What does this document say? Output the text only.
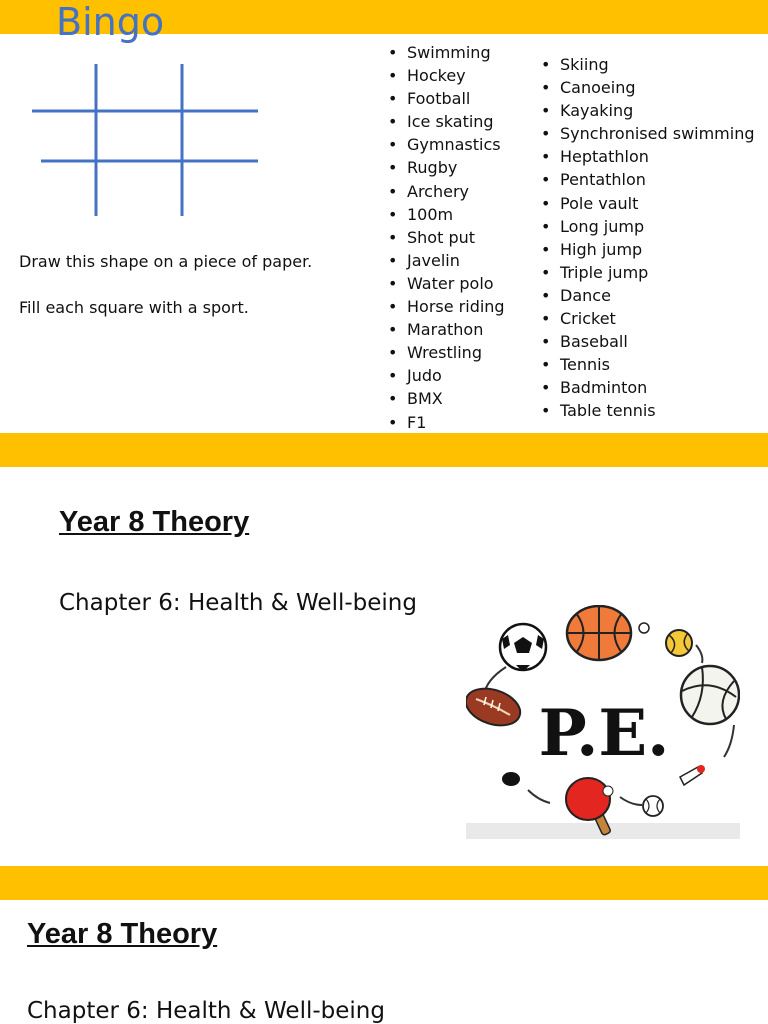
Bingo
Draw this shape on a piece of paper.
Fill each square with a sport.
• Swimming
• Hockey
• Football
• Ice skating
• Gymnastics
• Rugby
• Archery
• 100m
• Shot put
• Javelin
• Water polo
• Horse riding
• Marathon
• Wrestling
• Judo
• BMX
• F1
• Skiing
• Canoeing
• Kayaking
• Synchronised swimming
• Heptathlon
• Pentathlon
• Pole vault
• Long jump
• High jump
• Triple jump
• Dance
• Cricket
• Baseball
• Tennis
• Badminton
• Table tennis
Year 8 Theory
Chapter 6: Health & Well-being
P.E.
Year 8 Theory
Chapter 6: Health & Well-being
